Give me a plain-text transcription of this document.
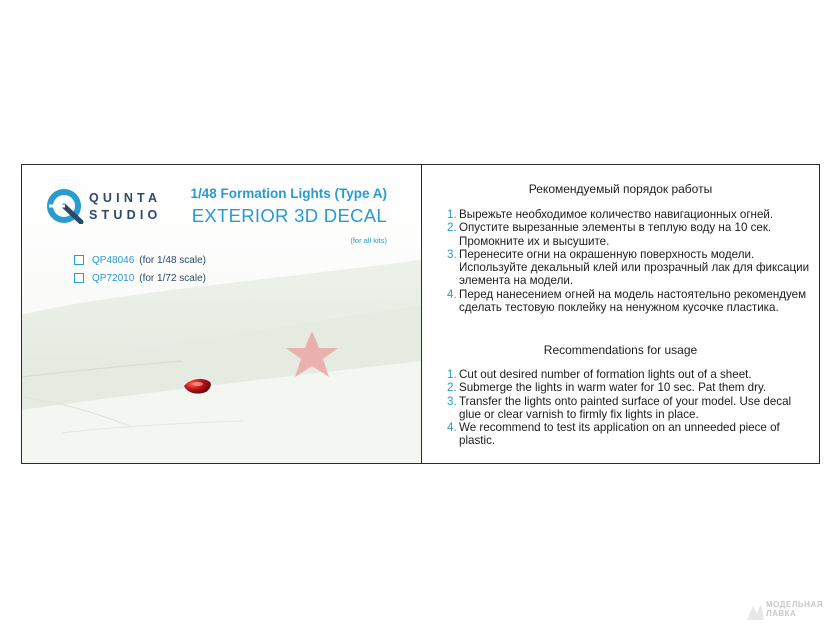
QUINTA
STUDIO
1/48 Formation Lights (Type A)
EXTERIOR 3D DECAL
(for all kits)
QP48046 (for 1/48 scale)
QP72010 (for 1/72 scale)
Рекомендуемый порядок работы
1. Вырежьте необходимое количество навигационных огней.
2. Опустите вырезанные элементы в теплую воду на 10 сек. Промокните их и высушите.
3. Перенесите огни на окрашенную поверхность модели. Используйте декальный клей или прозрачный лак для фиксации элемента на модели.
4. Перед нанесением огней на модель настоятельно рекомендуем сделать тестовую поклейку на ненужном кусочке пластика.
Recommendations for usage
1. Cut out desired number of formation lights out of a sheet.
2. Submerge the lights in warm water for 10 sec. Pat them dry.
3. Transfer the lights onto painted surface of your model. Use decal glue or clear varnish to firmly fix lights in place.
4. We recommend to test its application on an unneeded piece of plastic.
МОДЕЛЬНАЯ
ЛАВКА
